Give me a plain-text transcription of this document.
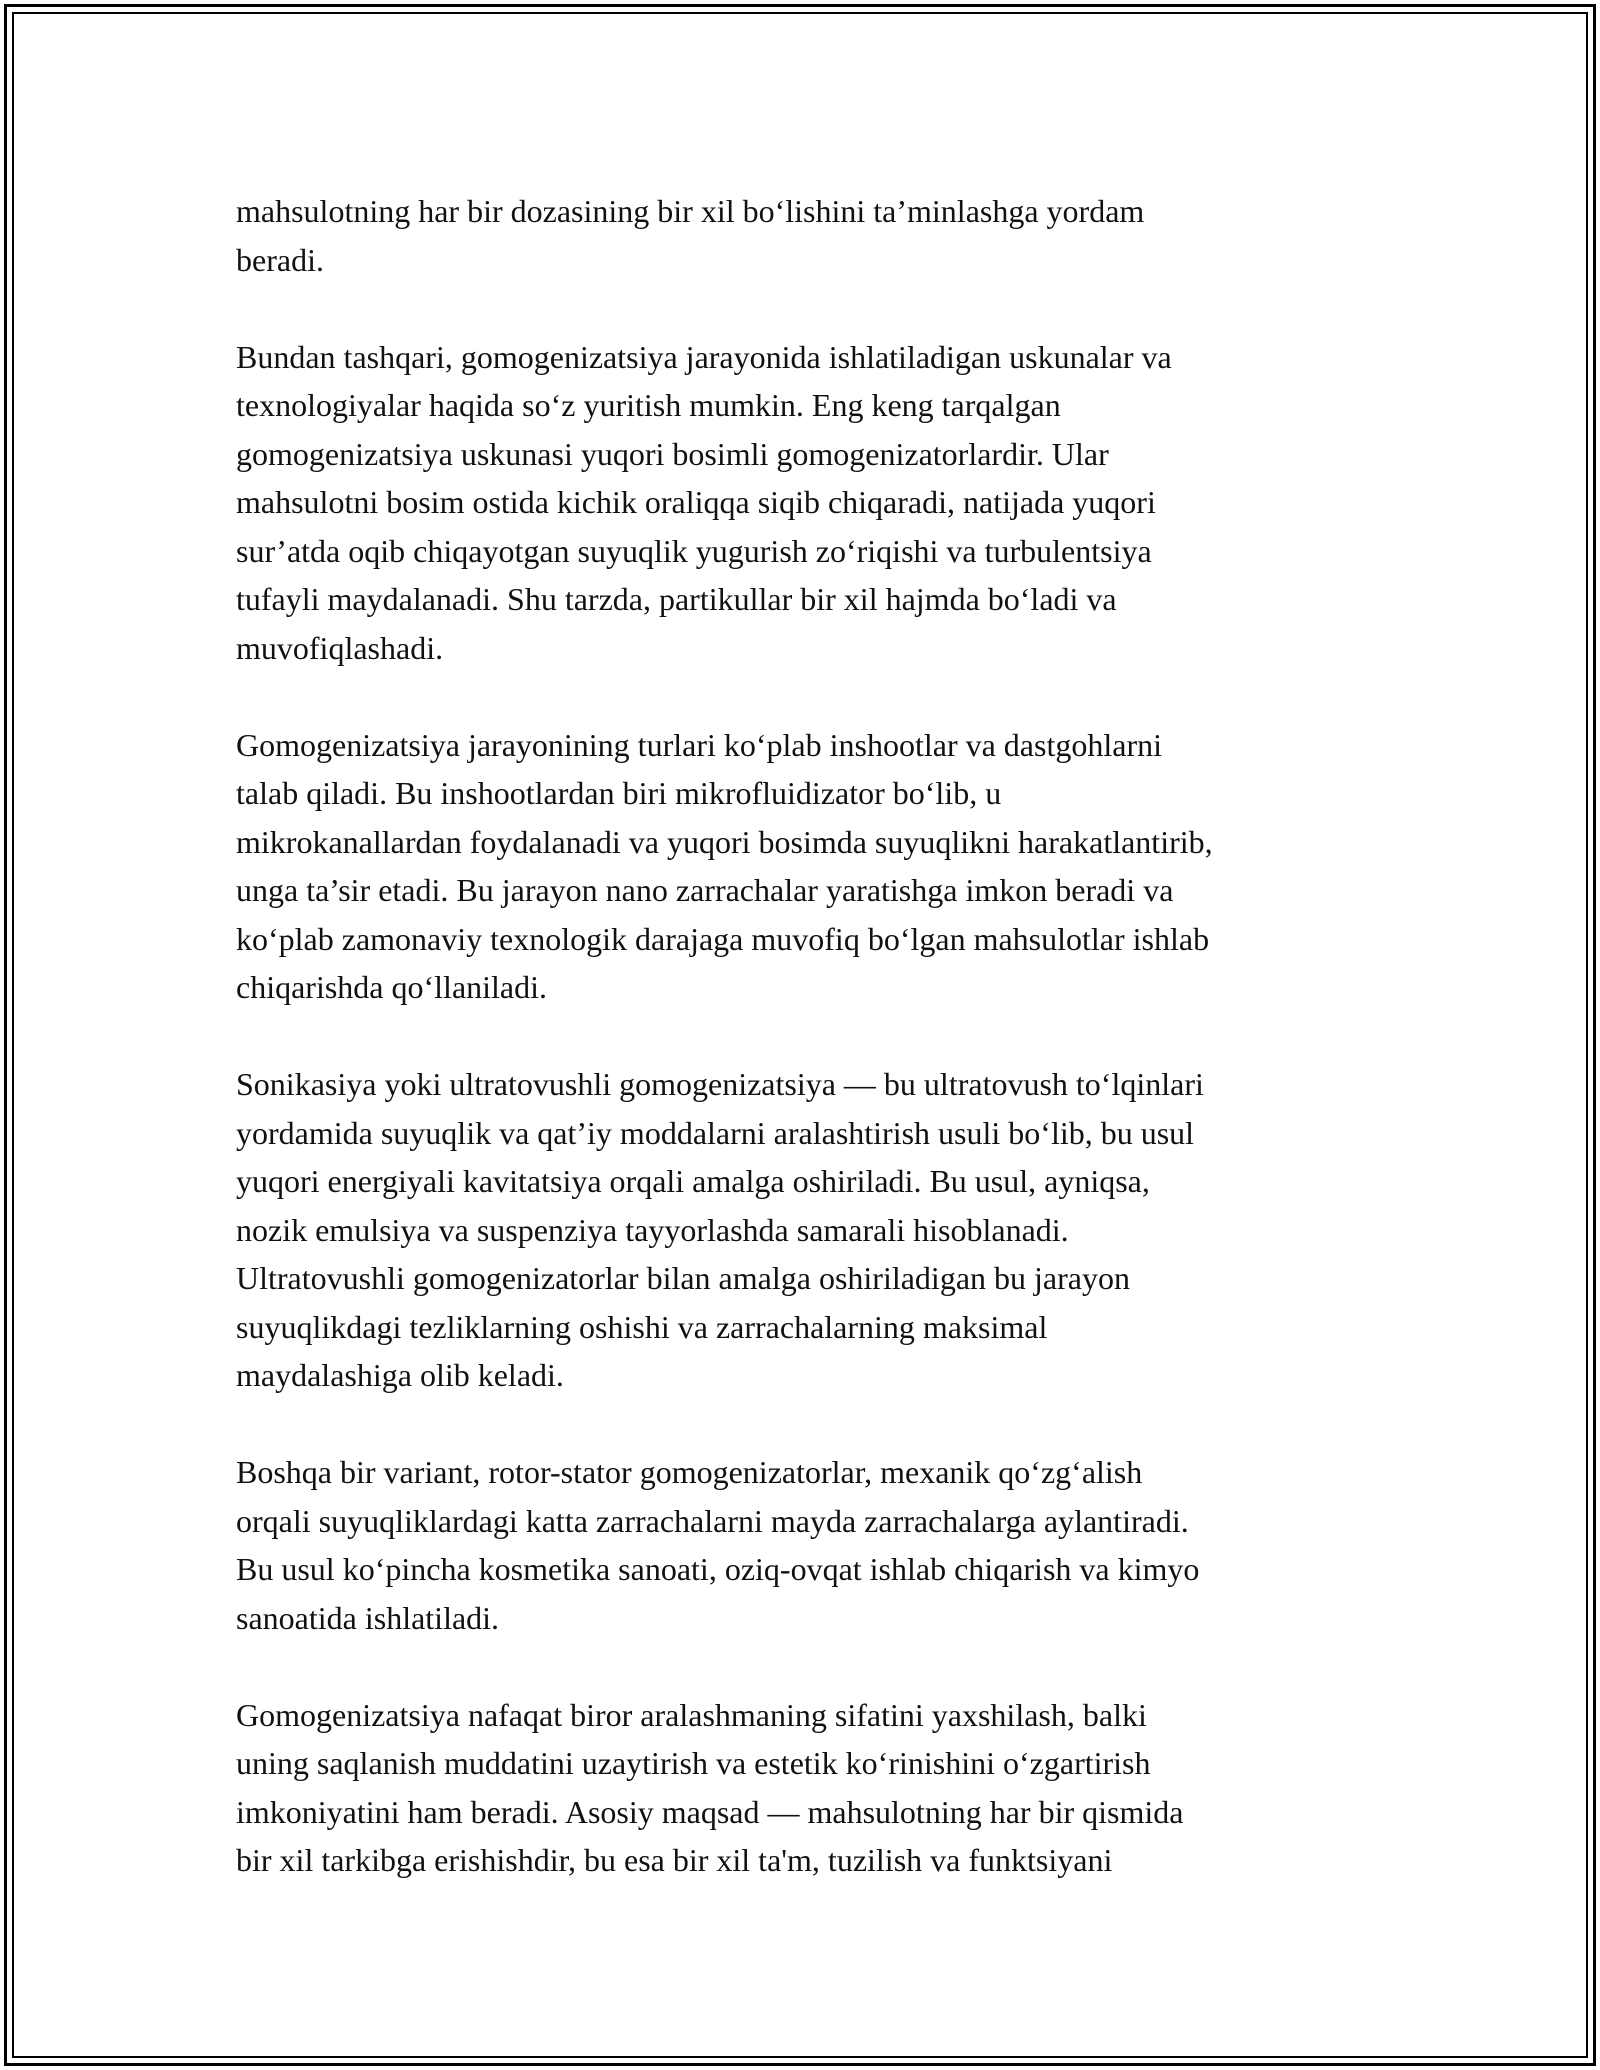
mahsulotning har bir dozasining bir xil bo‘lishini ta’minlashga yordam
beradi.

Bundan tashqari, gomogenizatsiya jarayonida ishlatiladigan uskunalar va
texnologiyalar haqida so‘z yuritish mumkin. Eng keng tarqalgan
gomogenizatsiya uskunasi yuqori bosimli gomogenizatorlardir. Ular
mahsulotni bosim ostida kichik oraliqqa siqib chiqaradi, natijada yuqori
sur’atda oqib chiqayotgan suyuqlik yugurish zo‘riqishi va turbulentsiya
tufayli maydalanadi. Shu tarzda, partikullar bir xil hajmda bo‘ladi va
muvofiqlashadi.

Gomogenizatsiya jarayonining turlari ko‘plab inshootlar va dastgohlarni
talab qiladi. Bu inshootlardan biri mikrofluidizator bo‘lib, u
mikrokanallardan foydalanadi va yuqori bosimda suyuqlikni harakatlantirib,
unga ta’sir etadi. Bu jarayon nano zarrachalar yaratishga imkon beradi va
ko‘plab zamonaviy texnologik darajaga muvofiq bo‘lgan mahsulotlar ishlab
chiqarishda qo‘llaniladi.

Sonikasiya yoki ultratovushli gomogenizatsiya — bu ultratovush to‘lqinlari
yordamida suyuqlik va qat’iy moddalarni aralashtirish usuli bo‘lib, bu usul
yuqori energiyali kavitatsiya orqali amalga oshiriladi. Bu usul, ayniqsa,
nozik emulsiya va suspenziya tayyorlashda samarali hisoblanadi.
Ultratovushli gomogenizatorlar bilan amalga oshiriladigan bu jarayon
suyuqlikdagi tezliklarning oshishi va zarrachalarning maksimal
maydalashiga olib keladi.

Boshqa bir variant, rotor-stator gomogenizatorlar, mexanik qo‘zg‘alish
orqali suyuqliklardagi katta zarrachalarni mayda zarrachalarga aylantiradi.
Bu usul ko‘pincha kosmetika sanoati, oziq-ovqat ishlab chiqarish va kimyo
sanoatida ishlatiladi.

Gomogenizatsiya nafaqat biror aralashmaning sifatini yaxshilash, balki
uning saqlanish muddatini uzaytirish va estetik ko‘rinishini o‘zgartirish
imkoniyatini ham beradi. Asosiy maqsad — mahsulotning har bir qismida
bir xil tarkibga erishishdir, bu esa bir xil ta'm, tuzilish va funktsiyani
